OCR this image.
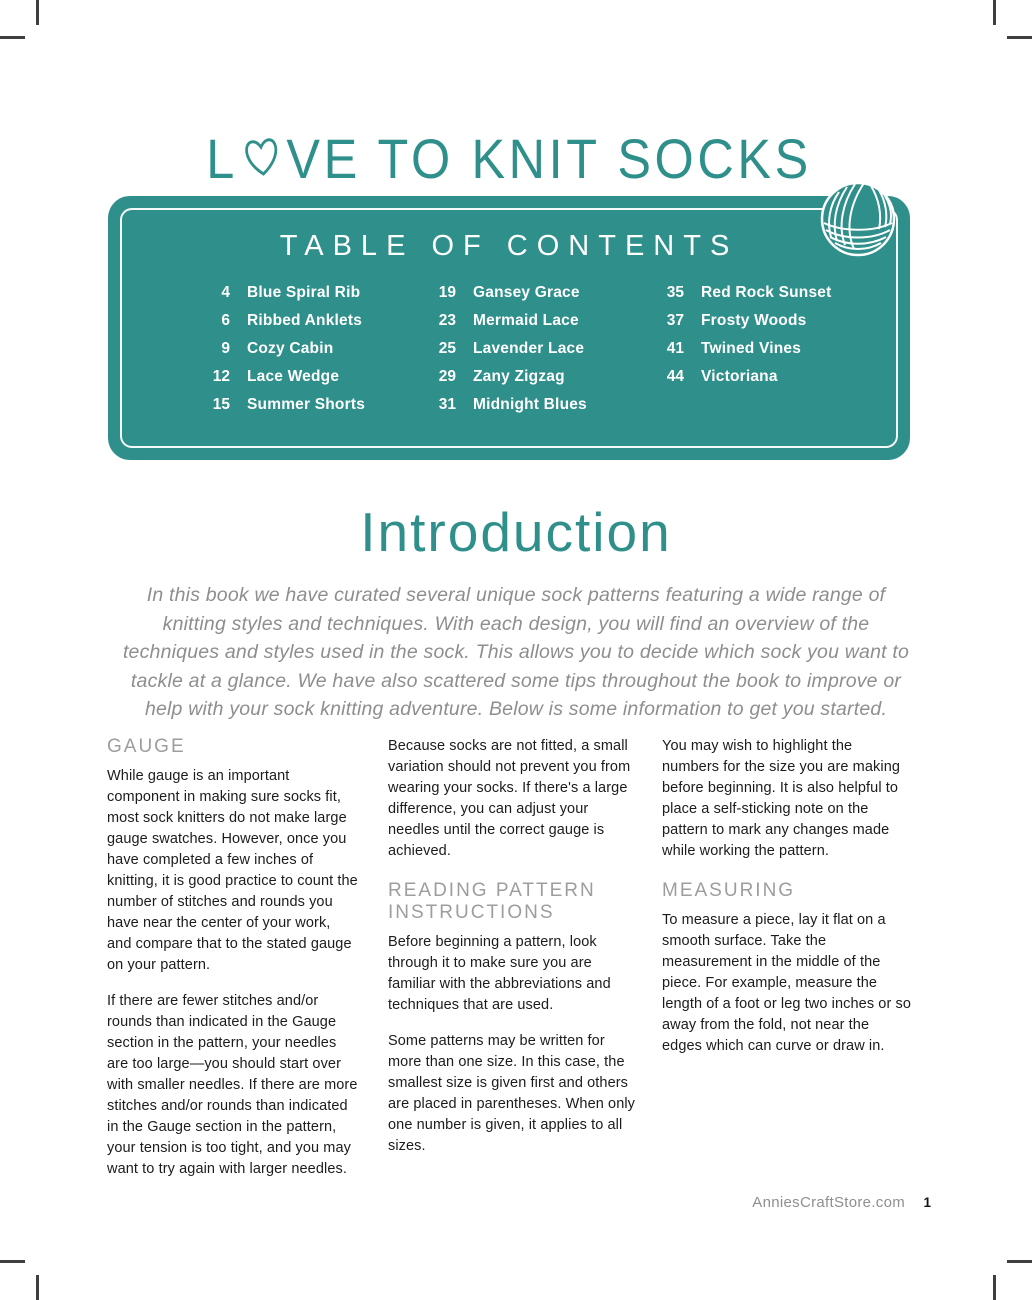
L VE TO KNIT SOCKS
TABLE OF CONTENTS
4 Blue Spiral Rib
6 Ribbed Anklets
9 Cozy Cabin
12 Lace Wedge
15 Summer Shorts
19 Gansey Grace
23 Mermaid Lace
25 Lavender Lace
29 Zany Zigzag
31 Midnight Blues
35 Red Rock Sunset
37 Frosty Woods
41 Twined Vines
44 Victoriana
Introduction
In this book we have curated several unique sock patterns featuring a wide range of knitting styles and techniques. With each design, you will find an overview of the techniques and styles used in the sock. This allows you to decide which sock you want to tackle at a glance. We have also scattered some tips throughout the book to improve or help with your sock knitting adventure. Below is some information to get you started.
GAUGE

While gauge is an important component in making sure socks fit, most sock knitters do not make large gauge swatches. However, once you have completed a few inches of knitting, it is good practice to count the number of stitches and rounds you have near the center of your work, and compare that to the stated gauge on your pattern.

If there are fewer stitches and/or rounds than indicated in the Gauge section in the pattern, your needles are too large—you should start over with smaller needles. If there are more stitches and/or rounds than indicated in the Gauge section in the pattern, your tension is too tight, and you may want to try again with larger needles.

Because socks are not fitted, a small variation should not prevent you from wearing your socks. If there's a large difference, you can adjust your needles until the correct gauge is achieved.

READING PATTERN INSTRUCTIONS

Before beginning a pattern, look through it to make sure you are familiar with the abbreviations and techniques that are used.

Some patterns may be written for more than one size. In this case, the smallest size is given first and others are placed in parentheses. When only one number is given, it applies to all sizes.

You may wish to highlight the numbers for the size you are making before beginning. It is also helpful to place a self-sticking note on the pattern to mark any changes made while working the pattern.

MEASURING

To measure a piece, lay it flat on a smooth surface. Take the measurement in the middle of the piece. For example, measure the length of a foot or leg two inches or so away from the fold, not near the edges which can curve or draw in.

AnniesCraftStore.com 1
